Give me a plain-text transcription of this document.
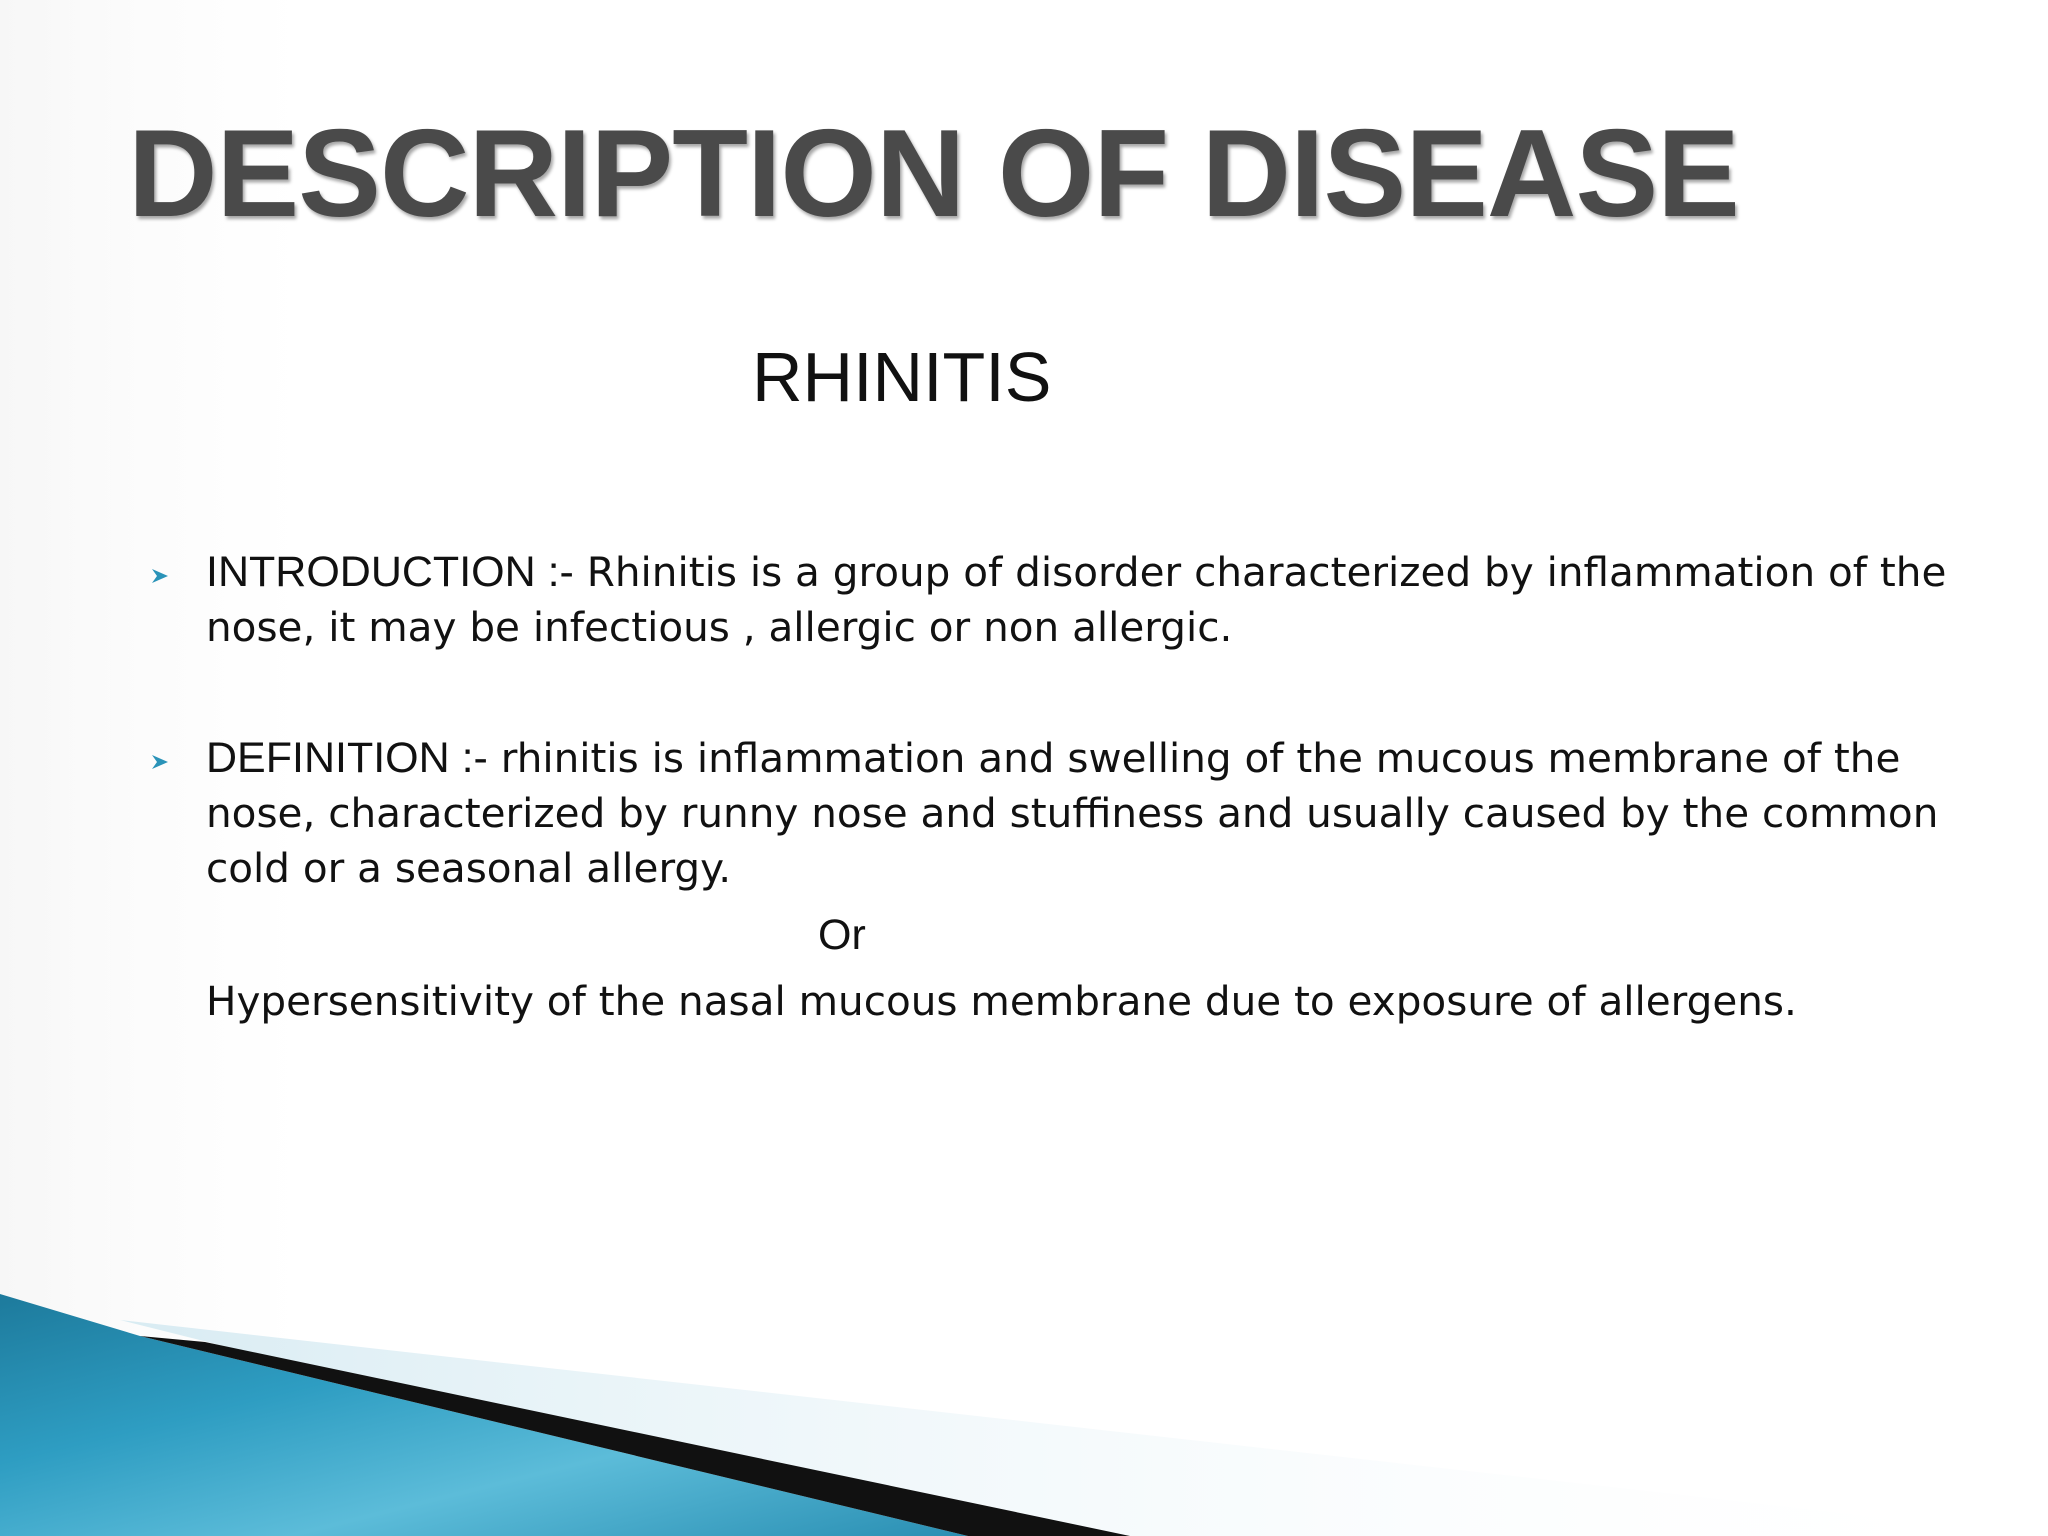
DESCRIPTION OF DISEASE
RHINITIS

INTRODUCTION :- Rhinitis is a group of disorder characterized by inflammation of the nose, it may be infectious , allergic or non allergic.

DEFINITION :- rhinitis is inflammation and swelling of the mucous membrane of the nose, characterized by runny nose and stuffiness and usually caused by the common cold or a seasonal allergy.

Or

Hypersensitivity of the nasal mucous membrane due to exposure of allergens.
